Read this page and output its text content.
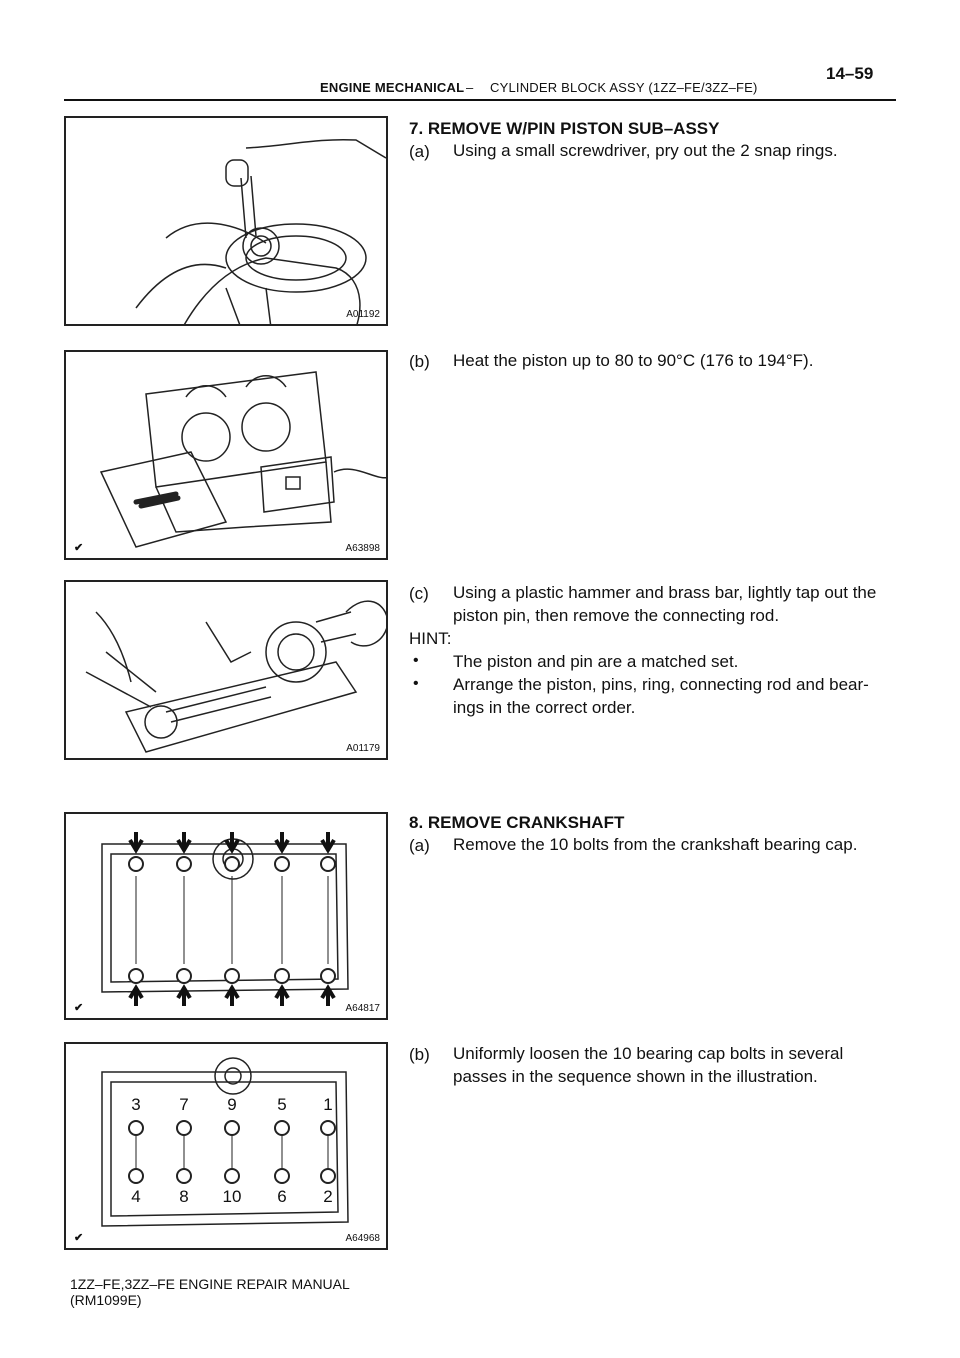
14–59
ENGINE MECHANICAL – CYLINDER BLOCK ASSY (1ZZ–FE/3ZZ–FE)
A01192
✔	A63898
A01179
✔	A64817
3
4
7
8
9
10
5
6
1
2
✔	A64968
7. REMOVE W/PIN PISTON SUB–ASSY
(a) Using a small screwdriver, pry out the 2 snap rings.
(b) Heat the piston up to 80 to 90°C (176 to 194°F).
(c) Using a plastic hammer and brass bar, lightly tap out the
piston pin, then remove the connecting rod.
HINT:
• The piston and pin are a matched set.
• Arrange the piston, pins, ring, connecting rod and bear-
ings in the correct order.
8. REMOVE CRANKSHAFT
(a) Remove the 10 bolts from the crankshaft bearing cap.
(b) Uniformly loosen the 10 bearing cap bolts in several
passes in the sequence shown in the illustration.
1ZZ–FE,3ZZ–FE ENGINE REPAIR MANUAL
(RM1099E)
